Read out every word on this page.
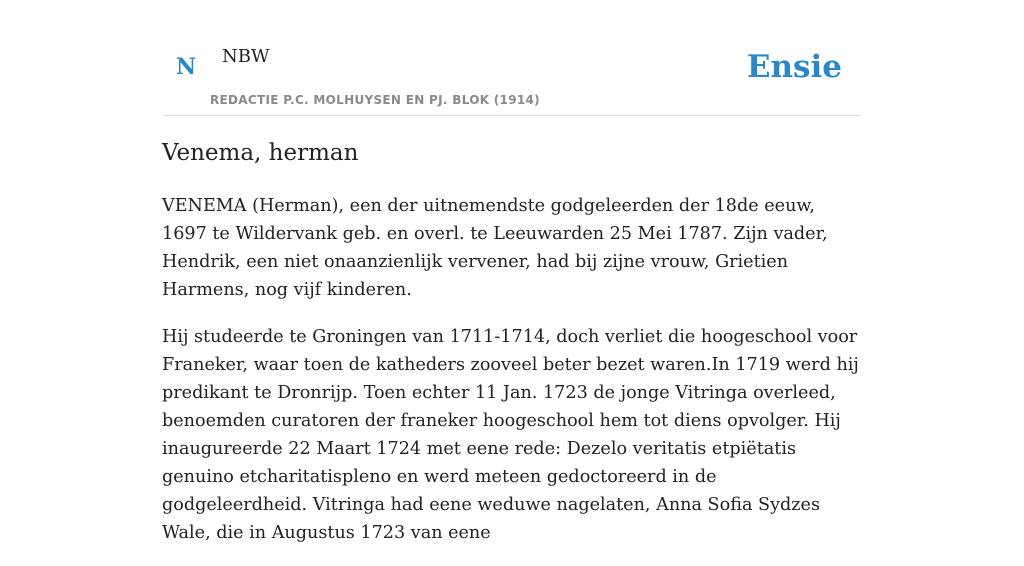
N NBW
REDACTIE P.C. MOLHUYSEN EN PJ. BLOK (1914)
Ensie
Venema, herman

VENEMA (Herman), een der uitnemendste godgeleerden der 18de eeuw, 1697 te Wildervank geb. en overl. te Leeuwarden 25 Mei 1787. Zijn vader, Hendrik, een niet onaanzienlijk vervener, had bij zijne vrouw, Grietien Harmens, nog vijf kinderen.

Hij studeerde te Groningen van 1711-1714, doch verliet die hoogeschool voor Franeker, waar toen de katheders zooveel beter bezet waren.In 1719 werd hij predikant te Dronrijp. Toen echter 11 Jan. 1723 de jonge Vitringa overleed, benoemden curatoren der franeker hoogeschool hem tot diens opvolger. Hij inaugureerde 22 Maart 1724 met eene rede: Dezelo veritatis etpiëtatis genuino etcharitatispleno en werd meteen gedoctoreerd in de godgeleerdheid. Vitringa had eene weduwe nagelaten, Anna Sofia Sydzes Wale, die in Augustus 1723 van eene
